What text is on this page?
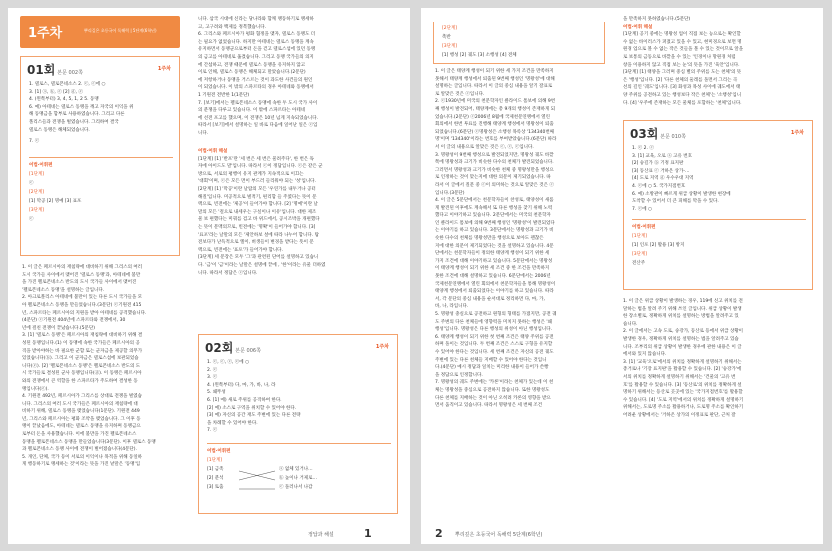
1주차	뿌리깊은 초등국어 독해력 | 5단계(6학년)
01회 본문 002쪽
1주차
1. 델로스, 델로폰네소스 2. ⓒ, ⓒ에 ○
3. [1] ⓐ, ⓑ, ⓔ [2] ⓓ, ⓔ
4. (왼쪽부터) 3, 4, 5, 1, 2 5. 동맹
6. 예) 아테네는 델로스 동맹을 깨고 자국의 이익을 위
해 동맹금을 함부로 사용하였습니다. 그리고 다른
폴리스들과 전쟁을 벌였습니다. 그리하여 결국
델로스 동맹은 해체되었습니다.
7. ⓒ
어법·어휘편
[1단계]
ⓒ
[2단계]
[1] 막공 [2] 명예 [3] 표포
[3단계]
ⓒ
1. 이 글은 페르시아의 재침략에 대비하기 위해 그리스의 여러
도시 국가들 사이에서 맺어진 '델로스 동맹'과, 아테네에 불만
을 가진 펠로폰네소스 반도의 도시 국가들 사이에서 맺어진
'펠로폰네소스 동맹'을 설명하는 글입니다.
2. 아크로폴리스 아테네에 불만이 있는 다른 도시 국가들을 모
아 펠로폰네소스 동맹을 만들었습니다.(3문단) ⓒ기원전 415
년, 스파르타는 페르시아의 지원을 받아 아테네를 공격했습니다.
(4문단) ⓒ기원전 404년에 스파르타와 전쟁에서, 30
년에 걸친 전쟁이 끝났습니다.(5문단)
3. [1] '델로스 동맹'은 페르시아의 재침략에 대비하기 위해 결
성된 동맹입니다.(1) 이 동맹에 속한 국가들은 페르시아의 공
격을 받아야하는 바 필요한 군함 또는 군자금을 제공할 의무가
있었습니다(ⓑ). 그리고 이 군자금은 델로스섬에 보관되었습
니다(ⓔ). [2] '펠로폰네소스 동맹'은 펠로폰네소스 반도의 도
시 국가들로 결성된 군사 동맹입니다(ⓓ). 이 동맹은 페르시아
와의 전쟁에서 큰 역할을 한 스파르타가 주도하여 결성한 동
맹입니다(ⓔ).
4. 기원전 492년, 페르시아가 그리스를 상대로 전쟁을 벌였습
니다. 그리스의 여러 도시 국가들은 페르시아의 재침략에 대
비하기 위해, 델로스 동맹을 맺었습니다(1문단). 기원전 449
년, 그리스와 페르시아는 평화 조약을 맺었습니다. 그 이후 동
맹이 끝났음에도, 아테네는 델로스 동맹을 유지하며 동맹금으
로부터 돈을 사용했습니다. 이에 불만을 가진 펠로폰네소스
동맹을 펠로폰네소스 동맹을 만들었습니다(3문단). 이후 델로스 동맹
과 펠로폰네소스 동맹 사이에 전쟁이 벌어졌습니다(4문단).
5. 개인, 단체, 국가 등이 서로의 이익이나 목적을 위해 동일하
게 행동하기로 맹세하는 것'이라는 뜻을 가진 낱말은 '동맹'입
니다. 삼국 시대에 신라는 당나라와 함께 맹동하기로 맹세하
고, 고구려와 백제를 정복했습니다.
6. 그리스와 페르시아가 평화 협정을 맺자, 델로스 동맹도 더
는 필요가 없었습니다. 하지만 아테네는 델로스 동맹을 계속
유지하면서 동맹군으로부터 돈을 걷고 델로스섬에 있던 동맹
의 금고를 아테네로 옮겼습니다. 그리고 동맹 국가들의 의지
에 간섭하고, 전쟁 때문에 델로스 동맹을 유지하지 않고
이로 인해, 델로스 동맹은 해체되고 말았습니다.(2문단)
에 저항하거나 동맹을 거스르는 것이 과도한 사건들의 원인
이 되었습니다. 이 밖의 스파르타의 경우 아테네와 동맹에서
1 기원전 전반한 1(1문단)
7. [보기]에서는 펠로폰네소스 동맹에 속한 두 도시 국가 사이
의 분쟁을 다루고 있습니다. 이 밖에 스파르타는 아테네
에 선전 포고를 했으며, 이 전쟁은 10년 넘게 지속되었습니다.
따라서 [보기]에서 설명하는 일 바로 다음에 일어난 일은 ⓒ입
니다.
어법·어휘 해설
[1단계] [1] '반포'란 '세 번은 세 번은 물려주다', 한 번은 독
자에 아이드도 말'입니다. 따라서 ⓒ이 정답입니다. ⓒ은 같은 군
방으로, 서로의 평행이 유지 관계가 지속적으로 이끄는
'대회'이며, ⓒ은 모든 면이 부드러 들리워야 되는 '성'입니다.
[2단계] [1] '막공'이란 날랍의 모든 '우연가를 내두거나 공터
해질'입니다. 미공적으로 벌적기, 편리함 들 주였다는 뜻이 문
맥으로, 빈전에는 '제공'이 들어가야 합니다. [2] '명예'이란 날
말의 모든 '걸으로 내세우는 구실이나 이유'입니다. 대한 제조
물 보 편했다는 미꿔를 검고 바 위드에서, 공시조박을 개편했다
는 뜻이 문맥의므로, 빈전에는 '명확'이 들어가야 합니다. [3]
'표포'라는 날말의 모든 '제안하보 설에 따라 나누어 합니다. 탐
전보다가 난득적으로 엘이, 벼생들이 변경을 받다는 뜻이 문
맥으로, 빈전에는 '표포'가 들어가야 합니다.
[3단계] 세 문장은 모두 '그'과 관련된 단어를 설명하고 있습니
다. '금'이 '금'이라는 날말은 설명에 끝에 , '한'이라는 유물 더하였
니다. 따라서 정답은 ⓒ입니다.
02회 본문 006쪽
1주차
1. ⓒ, ⓒ, ⓒ, ⓒ에 ○
2. ⓒ
3. ⓒ
4. (왼쪽부터) 다, 마, 가, 바, 나, 라
5. 왜뚜성
6. [1] 예) 새로 주위를 공격하여 한다.
[2] 예) 소스로 구역을 위치할 수 있어야 한다.
[3] 예) 자신의 공간 재도 주변에 있는 다른 전략
을 차례할 수 있어야 한다.
7. ⓒ
어법·어휘편
[1단계]
[1] 금족
[2] 분석
[3] 토출
ⓐ 없체 있거나…
ⓑ 높이나 거제로…
ⓒ 돌러나서 나감
정답과 해설	1
[2단계]
촉반
[3단계]
[1] 행성 [2] 궤도 [3] 소행성 [4] 전체
1. 이 글은 태양계 행성이 되기 위한 세 가지 조건을 만족하지
못해서 태양계 행성에서 퇴출된 9번째 행성인 '명왕성'에 대해
설명하는 글입니다. 따라서 이 글의 중심 내용을 알기 잘표로
로 알맞은 것은 ⓒ입니다.
2. ⓒ1930년에 미국의 천문학자인 클라이드 톰보에 의해 9번
째 행성이 발견되어, 태양계에는 총 9개의 행성이 존재하게 되
었습니다.(2문단) ⓒ2006년 8월에 국제천문연맹에서 열린
회의에서 한번 투표를 진행해 태양계 행성에서 명왕성이 퇴출
되었습니다.(6문단) ⓒ명왕성은 소행성 목록상 '134340번째
명'이며 '134340'이라는 번호를 부여받았습니다.(6문단) 따라
서 이 글의 내용으로 알맞은 것은 ⓒ, ⓒ, ⓒ입니다.
3. 명왕성이 9번째 행성으로 발견되었지만, 명왕성 궤도 바깥
쪽에 명왕성과 크기가 비슷한 다수의 천체가 발견되었습니다.
그러면서 명왕성과 크기가 비슷한 천체 중 명왕성만을 행성으
로 인정하는 것이 맞는지에 대한 의문이 제기되었습니다. 따
라서 이 글에서 질문 중 ⓒ이 의미하는 것으로 알맞은 것은 ⓒ
입니다.(3문단)
4. 이 글은 5문단에서는 천문학자들이 찬성로, 태양성이 새롭
게 발견된 이후에도 계속해서 또 다른 행성을 찾기 위해 노력
했다고 이야기하고 있습니다. 2문단에서는 미국의 천문학자
인 클라이드 톰보에 의해 9번째 행성인 '명왕성'이 발견되었다
는 이야기를 하고 있습니다. 3문단에서는 명왕성과 크기가 비
슷한 다수의 천체를 명왕성만을 행성으로 보아도 괜찮은
지에 대한 의문이 제기되었다는 것을 설명하고 있습니다. 4문
단에서는 천문학자들이 정의한 태양계 행성이 되기 위한 세
가지 조건에 대해 이야기하고 있습니다. 5문단에서는 명왕성
이 태양계 행성이 되기 위한 세 조건 중 한 조건을 만족하지
못한 조건에 대해 설명하고 있습니다. 6문단에서는 2006년
국제천문연맹에서 열린 회의에서 천문학자들을 통해 명왕성이
태양계 행성에서 퇴출되었다는 이야기를 하고 있습니다. 따라
서, 각 문단의 중심 내용을 순서대로 정리하면 다, 마, 가,
바, 나, 라입니다.
5. 명왕성 충실으로 공전하고 원형의 형태를 가졌지만, 공전 궤
도 주변의 다른 천체들에 영향력을 미치지 못하는 행성은 '왜
행성'입니다. 명왕성은 다른 행성의 위성이 아닌 행성입니다.
6. 태양계 행성이 되기 위한 첫 번째 조건은 태양 주위를 공전
하며 돌이는 것입니다. 두 번째 조건은 스스로 구형을 유지할
수 있어야 한다는 것입니다. 세 번째 조건은 자신의 공전 궤도
주변에 있는 다른 천체들 지배할 수 있어야 한다는 것입니
다.(4문단) 예시 정답과 일치는 미리한 내용이 들어가 쓴빵
을 정답으로 인정합니다.
7. 명왕성의 궤도 주변에는 '카론'이라는 천체가 있는데 이 천
체는 명왕성을 중심으로 공전하지 않습니다. 또한 명왕성도
다른 천체를 지배하는 것이 아닌 오히려 카론의 영향을 받으
면서 움직이고 있습니다. 따라서 명왕성은 세 번째 조건
을 만족하지 못하였습니다.(5문단)
어법·어휘 해설
[1단계] 공기 중에는 명왕성 업이 직접 보는 능으로는 확인할
수 없는 바이러스가 퍼졌고 있을 수 있고, 현미경으로 보면 명
원경 업으로 볼 수 없는 작은 것들을 볼 수 있는 것이므로 알을
로 보통의 금동으로 바깥을 수 있는 '인경이나 망원경 처럼
창을 이용하지 않고 직접 보는 눈'의 뜻을 가진 '육안'입니다.
[3단계] [1] 태양을 그러며 중심 별의 주위를 도는 천체'의 뜻
은 '행성'입니다. [2] '다른 천체의 둘레를 돌면서 그리는 곡
선의 길인 '궤도'입니다. [3] 화성과 목성 사이에 궤도에서 태
양 주위를 공전하고 있는 행성보다 작은 천체'는 '소행성'입니
다. [4] '우주에 존재하는 모든 물체를 포함하는 '천체'입니다.
03회 본문 010쪽
1주차
1. ⓒ 2. ⓒ
3. [1] 교육, 오로 ⓐ 고유 번호
[2] 숭길가 ⓑ 기정 표지판
[3] 동산표 ⓒ 거하온 상가-…
[4] 도로 지역 ⓓ 우수우대 지역
4. ⓒ에 ○ 5. 국가지점번호
6. 예) 소방관이 빠르게 위급 상황이 발생한 현장에
도착할 수 있어서 더 큰 피해를 막을 수 있다.
7. ⓒ에 ○
어법·어휘편
[1단계]
[1] 인포 [2] 활용 [3] 방지
[3단계]
전산주
1. 이 글은 위급 상황이 발생하는 경우, 119에 신고 위치를 전
달하는 법을 알려 주기 위해 쓰인 글입니다. 위급 상황이 발생
한 장소별로, 정확하게 위치를 설명하는 방법을 알려주고 있
습니다.
2. 이 글에서는 고속 도로, 숭강가, 등산로 등에서 위급 상황이
발생한 경우, 정확하게 위치를 설명하는 법을 알려주고 있습
니다. 조부리의 위급 상황이 발생한 경우에 관한 내용은 이 글
에서와 있지 않습니다.
3. [1] '교육'오로'에서의 위치를 정확하게 설명하기 위해서는
총거로나 '기장 표지판'을 활용할 수 있습니다. [2] '숭강가'에
서의 위치를 정확하게 설명하기 위해서는 '건물의 '고유 번
호'를 활용할 수 있습니다. [3] '등산로'의 위치를 정확하게 설
명하기 위해서는 등산로 곳곳에 있는 '국가지점번호'를 활용할
수 있습니다. [4] '도로 지역'에서의 위치를 정확하게 설명하기
위해서는, 도로명 주소를 활용하거나, 도로명 주소를 확인하기
어려운 상황에서는 '거하온 상가의 이정표로 판단, 근처 잘
2 뿌리깊은 초등국어 독해력 5단계(6학년)
